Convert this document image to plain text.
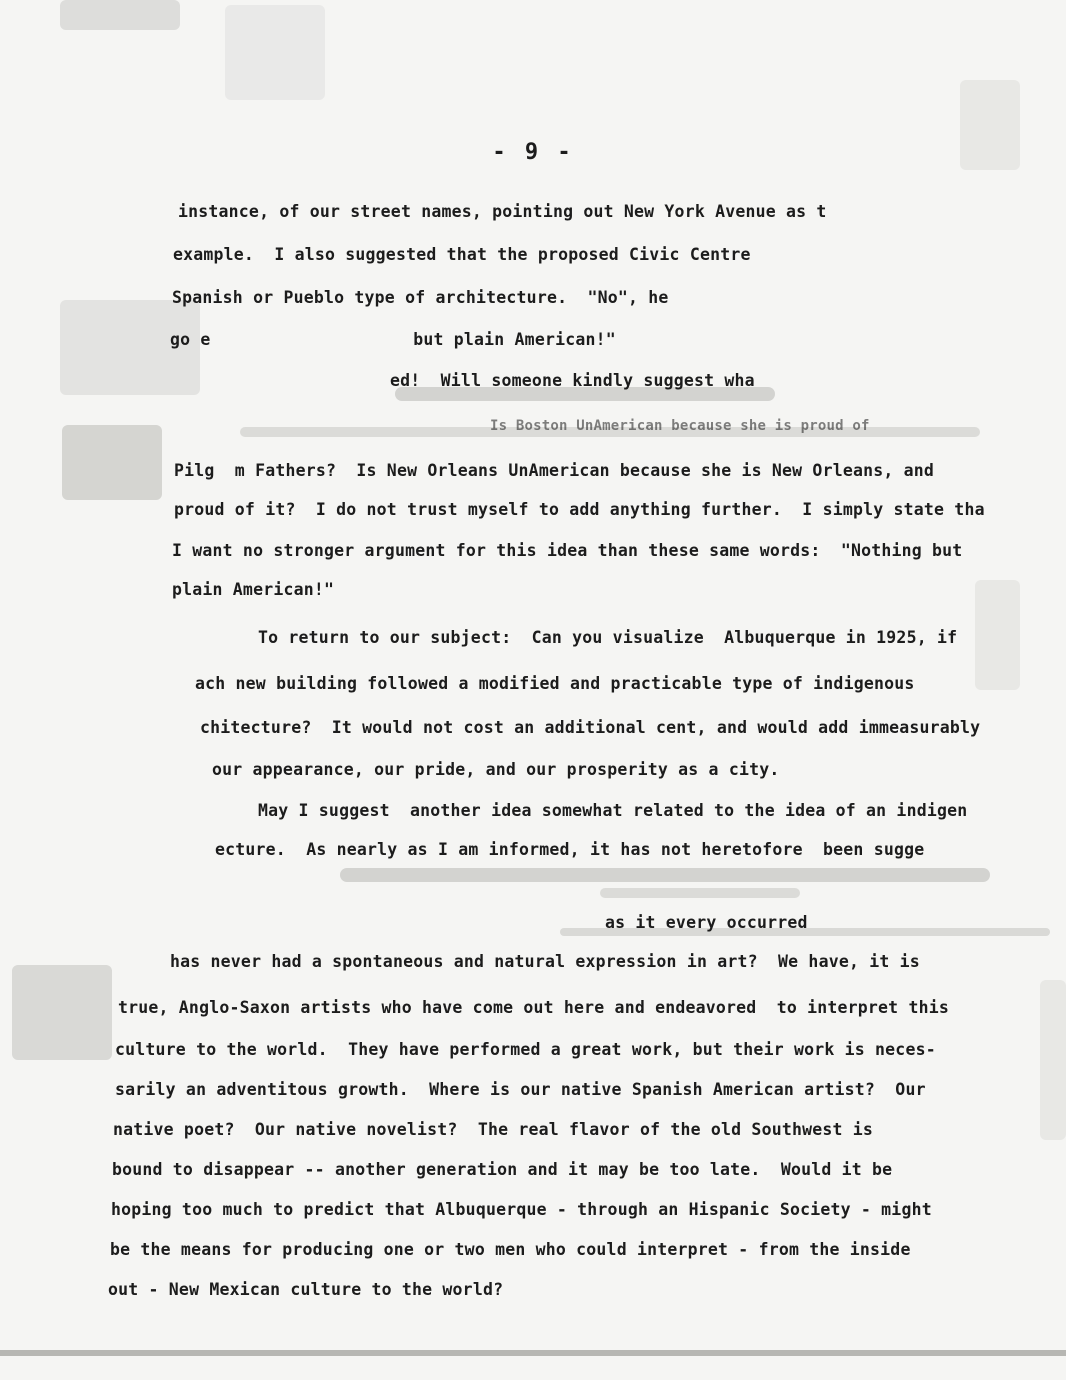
- 9 -
instance, of our street names, pointing out New York Avenue as t
example.  I also suggested that the proposed Civic Centre
Spanish or Pueblo type of architecture.  "No", he
go e                    but plain American!"
ed!  Will someone kindly suggest wha
Is Boston UnAmerican because she is proud of
Pilg  m Fathers?  Is New Orleans UnAmerican because she is New Orleans, and
proud of it?  I do not trust myself to add anything further.  I simply state tha
I want no stronger argument for this idea than these same words:  "Nothing but
plain American!"
To return to our subject:  Can you visualize  Albuquerque in 1925, if
ach new building followed a modified and practicable type of indigenous
chitecture?  It would not cost an additional cent, and would add immeasurably
our appearance, our pride, and our prosperity as a city.
May I suggest  another idea somewhat related to the idea of an indigen
ecture.  As nearly as I am informed, it has not heretofore  been sugge
as it every occurred
has never had a spontaneous and natural expression in art?  We have, it is
true, Anglo-Saxon artists who have come out here and endeavored  to interpret this
culture to the world.  They have performed a great work, but their work is neces-
sarily an adventitous growth.  Where is our native Spanish American artist?  Our
native poet?  Our native novelist?  The real flavor of the old Southwest is
bound to disappear -- another generation and it may be too late.  Would it be
hoping too much to predict that Albuquerque - through an Hispanic Society - might
be the means for producing one or two men who could interpret - from the inside
out - New Mexican culture to the world?
